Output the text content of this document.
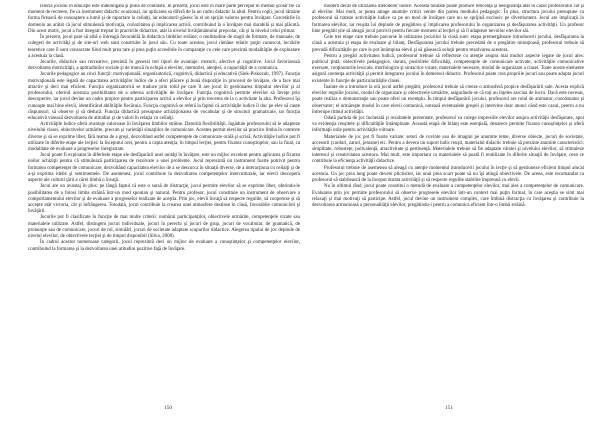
Istoria jocului în educaţie este îndelungată şi plină de contraste. În prezent, jocul este în mare parte perceput în mediul şcolar fie ca moment de recreere, fie ca instrument didactic ocazional, iar aplicarea sa diferă de la un cadru didactic la altul. Pentru copii, jocul rămâne forma firească de cunoaştere a lumii şi de raportare la ceilalţi, iar educatorii găsesc în el un sprijin valoros pentru învăţare. Cercetările în domeniu au arătat că jocul stimulează motivaţia, curiozitatea şi implicarea activă, contribuind la o învăţare mai durabilă şi mai plăcută. Din acest motiv, jocul a fost integrat treptat în practicile didactice, atât la nivelul învăţământului preşcolar, cât şi la nivelul celui primar.

În prezent, jocul pare să aibă o întreagă favorabilă în didactica limbilor străine; o multitudine de stagii de formare, de manuale, de culegeri de activităţi şi de site-uri web sunt construite în jurul său. Cu toate acestea, jocul rămâne relativ puţin cunoscut, lucrările teoretice care îl sunt consacrate fiind mult prea rare şi prea puţin accesibile în comparaţie cu cele care prezintă modalităţile de exploatare a acestuia la clasă.

Jocurile, didactice sau recreative, prezintă în general trei tipuri de avantaje: motorii, afective şi cognitive. Jocul favorizează dezvoltarea motricităţii, a aptitudinilor sociale şi de muncă în echipă a elevilor, memoriei, atenţiei, a capacităţii de a comunica.

Jocurile pedagogice au cinci funcţii: motivaţională, organizatorică, cognitivă, didactică şi educativă (Siek-Piskozub, 1997). Funcţia motivaţională este legată de capacitatea activităţilor ludice de a oferi plăcere şi bună dispoziţie în procesul de învăţare, de a face mai atractiv şi deci mai eficient. Funcţia organizatorică se traduce prin rolul pe care îl are jocul în gestionarea timpului elevilor şi al profesorului, oferind acestuia posibilitatea de a alterna activităţile de învăţare. Funcţia cognitivă permite elevilor să înveţe prin descoperire, iar jocul devine un cadru propice pentru participarea activă a elevilor şi prin trecerea de la o activitate la alta. Profesorul îşi cunoaşte mai bine elevii, identificând abilităţile fiecăruia. Funcţia cognitivă se referă la faptul că activităţile ludice îl duc pe elev să caute răspunsuri, să observe şi să deducă. Funcţia didactică presupune achiziţionarea de vocabular şi de structuri gramaticale, iar funcţia educativă vizează dezvoltarea de atitudini şi de valori în relaţia cu ceilalţi.

Activităţile ludice oferă avantaje valoroase în învăţarea limbilor străine. Datorită flexibilităţii, îngăduie profesorului să le adapteze nivelului clasei, obiectivelor urmărite, precum şi varietăţii situaţiilor de comunicare. Acestea permit elevilor să practice limba în contexte diverse şi să se exprime liber, fără teama de a greşi, dezvoltând astfel competenţele de comunicare orală şi scrisă. Activităţile ludice pot fi utilizate în diferite etape ale lecţiei: la începutul orei, pentru a capta atenţia, în timpul lecţiei, pentru fixarea cunoştinţelor, sau la final, ca modalitate de evaluare a progreselor înregistrate.

Jocul poate fi exploatat în diferitele etape ale desfăşurării unei unităţi în învăţare, este un mijloc excelent pentru aplicarea şi fixarea noilor achiziţii pentru că stimulează participarea de rezolvare a unei probleme. Jocul reprezintă un instrument foarte potrivit pentru formarea competenţei de comunicare, dezvoltând capacitatea elevilor de a se descurca în situaţii diverse, de a interacţiona cu ceilalţi şi de a-şi exprima ideile şi sentimentele. De asemenea, jocul contribuie la dezvoltarea competenţelor interculturale, iar elevii descoperă aspecte ale culturii ţării a cărei limbă o învaţă.

Jocul are un avantaj în plus: pe lângă faptul că este o sursă de distracţie, jocul permite elevilor să se exprime liber, oferindu-le posibilitatea de a folosi limba străină într-un mod spontan şi natural. Pentru profesor, jocul constituie un instrument de observare a comportamentului elevilor şi de evaluare a progreselor realizate de aceştia. Prin joc, elevii învaţă să respecte regulile, să coopereze şi să accepte atât victoria, cât şi înfrângerea. Totodată, jocul contribuie la crearea unei atmosfere destinse în clasă, favorabile comunicării şi învăţării.

Jocurile pot fi clasificate în funcţie de mai multe criterii: numărul participanţilor, obiectivele urmărite, competenţele vizate sau materialele utilizate. Astfel, distingem jocuri individuale, jocuri în perechi şi jocuri de grup, jocuri de vocabular, de gramatică, de pronunţie sau de comunicare, jocuri de rol, simulări, jocuri de societate adaptate scopurilor didactice. Alegerea tipului de joc depinde de nivelul elevilor, de obiectivele lecţiei şi de timpul disponibil (Silva, 2008).

În cadrul acestor numeroase categorii, jocul reprezintă deci un mijloc de evaluare a cunoştinţelor şi competenţelor elevilor, contribuind la formarea şi la dezvoltarea unei atitudini pozitive faţă de învăţare.

modern decât de utilizarea metodelor ludice. Această noutate poate produce reticenţă şi nesiguranţă atât în cazul profesorului cât şi al elevilor. Mai mult, ar putea atrage anumite critici venite din partea mediului pedagogic. În plus, structura jocului presupune ca profesorul să trateze activităţile ludice ca pe un mod de învăţare care nu se sprijină exclusiv pe divertisment. Jocul are implicaţii în formarea elevilor, iar reuşita lui depinde de pregătirea şi implicarea profesorului în organizarea şi desfăşurarea activităţii. Un profesor bine pregătit ştie să aleagă jocul potrivit pentru fiecare moment al lecţiei şi să îl adapteze nevoilor elevilor săi.

Cele trei etape care trebuie parcurse în utilizarea jocurilor la clasă sunt: etapa premergătoare introducerii jocului, desfăşurarea la clasă a acestuia şi etapa de evaluare şi bilanţ. Desfăşurarea jocului trebuie precedată de o pregătire minuţioasă, profesorul trebuie să prevadă dificultăţile pe care le pot întâmpina elevii şi să găsească soluţii pentru rezolvarea acestora.

Pentru a pregăti activitatea ludică, profesorul trebuie să reflecteze cu atenţie asupra mai multor aspecte legate de jocul ales: publicul ţintă, obiectivele pedagogice, durata, posibilele dificultăţi, competenţele de comunicare activate, activităţile comunicative exersate, conţinuturile lexicale, morfologice şi sintactice vizate, materialele necesare, modul de organizare a clasei. Toate aceste elemente asigură coerenţa activităţii şi permit integrarea jocului în demersul didactic. Profesorul poate crea propriile jocuri sau poate adapta jocuri existente în funcţie de particularităţile clasei.

Înainte de a introduce la oră jocul astfel pregătit, profesorul trebuie să creeze o atmosferă propice desfăşurării sale. Acesta explică elevilor regulile jocului, modul de organizare şi obiectivele urmărite, asigurându-se că toţi au înţeles sarcina de lucru. Dacă este necesar, poate realiza o demonstraţie sau poate oferi un exemplu. În timpul desfăşurării jocului, profesorul are rolul de animator, coordonator şi observator; el urmăreşte modul în care elevii comunică, notează eventualele greşeli şi intervine doar atunci când este cazul, pentru a nu întrerupe ritmul activităţii.

Odată partida de joc încheiată şi rezultatele prezentate, profesorul va culege impresiile elevilor asupra activităţii desfăşurate, apoi va evidenţia reuşitele şi dificultăţile întâmpinate. Această etapă de bilanţ este esenţială, deoarece permite fixarea cunoştinţelor şi oferă informaţii utile pentru activităţile viitoare.

Materialele de joc pot fi foarte variate: seturi de cuvinte sau de imagini pe anumite teme, diverse obiecte, jocuri de societate, accesorii (carduri, zaruri, jetoane) etc. Pentru a deveni un suport ludic reuşit, materialul didactic trebuie să prezinte anumite caracteristici: simplitate, robusteţe, polivalenţă, atractivitate şi pertinenţă. Materialele trebuie să fie adaptate vârstei şi nivelului elevilor, să stimuleze interesul şi creativitatea acestora. Mai mult, este important ca materialele să poată fi reutilizate în diferite situaţii de învăţare, ceea ce contribuie la eficienţa activităţii didactice.

Profesorul trebuie de asemenea să aleagă cu atenţie momentul introducerii jocului în lecţie şi să gestioneze eficient timpul alocat acestuia. Un joc prea lung poate deveni plictisitor, iar unul prea scurt poate să nu îşi atingă obiectivele. De aceea, este recomandat ca profesorul să stabilească de la început durata activităţii şi să respecte regulile stabilite împreună cu elevii.

Nu în ultimul rând, jocul poate constitui o metodă de evaluare a competenţelor elevilor, mai ales a competenţelor de comunicare. Evaluarea prin joc permite profesorului să observe progresele elevilor într-un context mai puţin formal, în care aceştia se simt mai relaxaţi şi mai motivaţi să participe. Astfel, jocul devine un instrument complex, care îmbină distracţia cu învăţarea şi contribuie la dezvoltarea armonioasă a personalităţii elevilor, pregătindu-i pentru a comunica eficient într-o limbă străină.

150	151
